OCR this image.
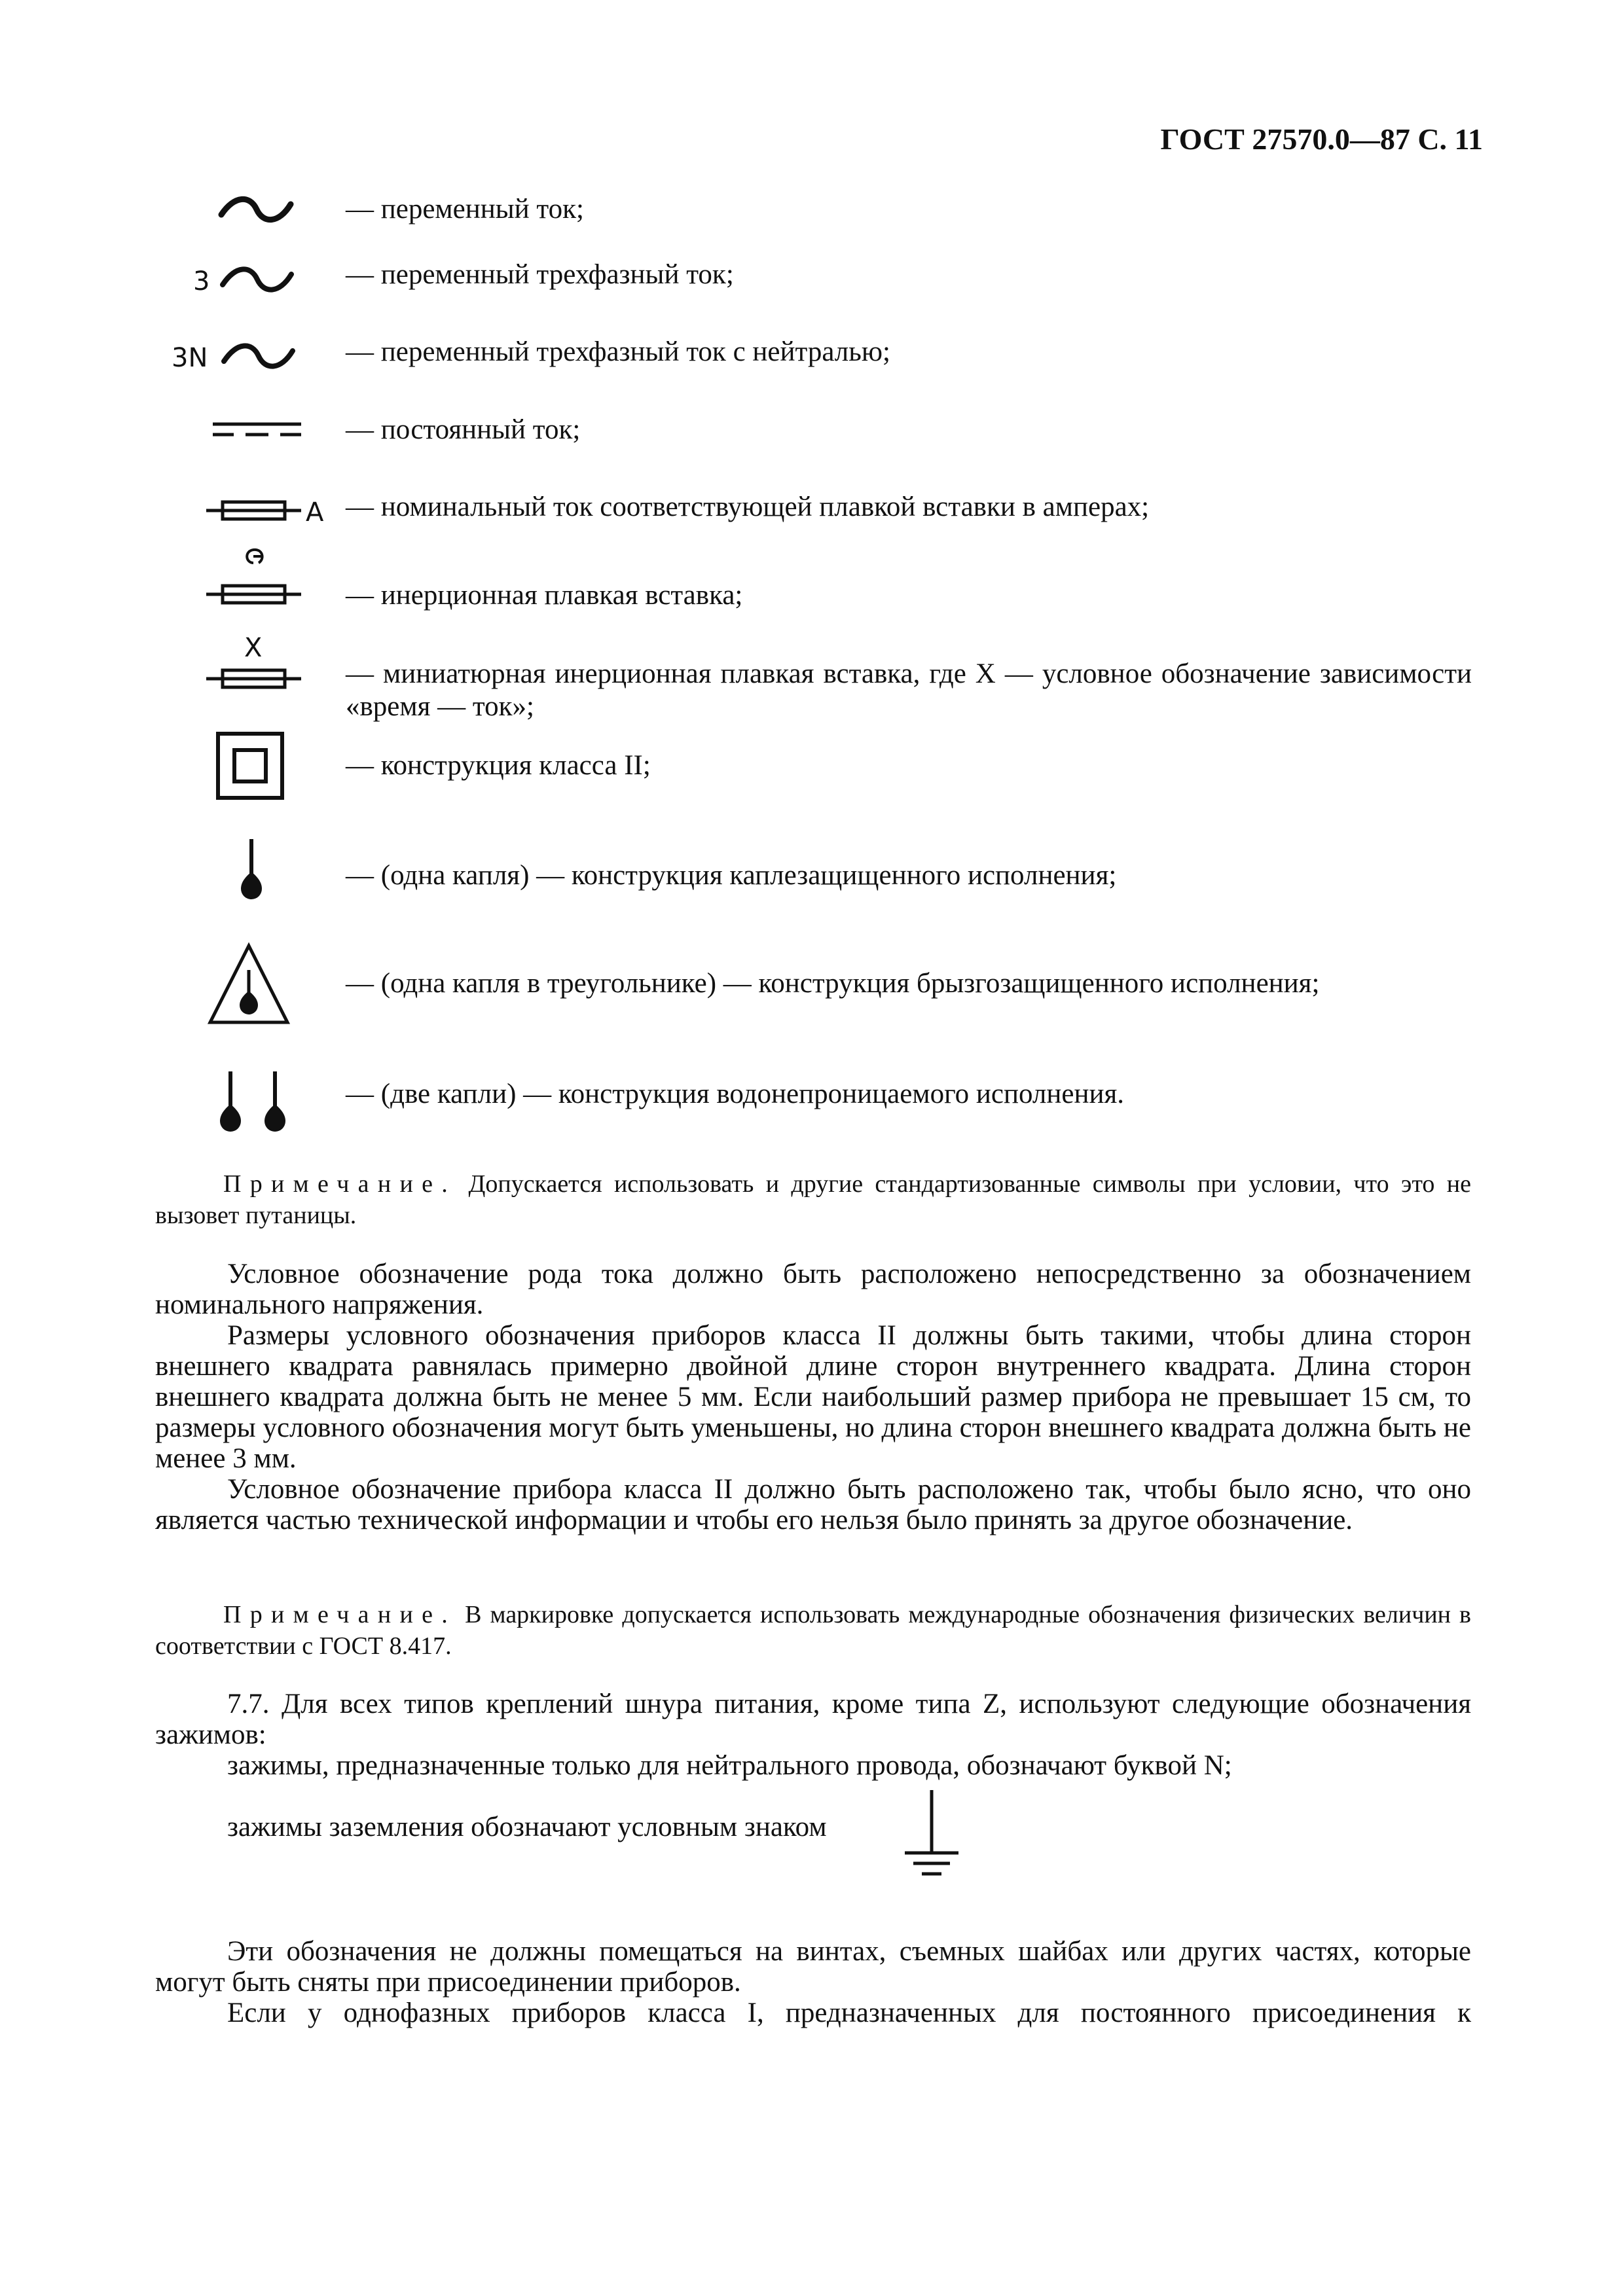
ГОСТ 27570.0—87 С. 11
— переменный ток;
3	— переменный трехфазный ток;
3N	— переменный трехфазный ток с нейтралью;
— постоянный ток;
A — номинальный ток соответствующей плавкой вставки в амперах;
— инерционная плавкая вставка;
X
— миниатюрная инерционная плавкая вставка, где X — условное обозначение зависимости «время — ток»;
— конструкция класса II;
— (одна капля) — конструкция каплезащищенного исполнения;
— (одна капля в треугольнике) — конструкция брызгозащищенного исполнения;
— (две капли) — конструкция водонепроницаемого исполнения.
Примечание. Допускается использовать и другие стандартизованные символы при условии, что это не вызовет путаницы.
Условное обозначение рода тока должно быть расположено непосредственно за обозначением номинального напряжения.
Размеры условного обозначения приборов класса II должны быть такими, чтобы длина сторон внешнего квадрата равнялась примерно двойной длине сторон внутреннего квадрата. Длина сторон внешнего квадрата должна быть не менее 5 мм. Если наибольший размер прибора не превышает 15 см, то размеры условного обозначения могут быть уменьшены, но длина сторон внешнего квадрата должна быть не менее 3 мм.
Условное обозначение прибора класса II должно быть расположено так, чтобы было ясно, что оно является частью технической информации и чтобы его нельзя было принять за другое обозначение.
Примечание. В маркировке допускается использовать международные обозначения физических величин в соответствии с ГОСТ 8.417.
7.7. Для всех типов креплений шнура питания, кроме типа Z, используют следующие обозначения зажимов:
зажимы, предназначенные только для нейтрального провода, обозначают буквой N;
зажимы заземления обозначают условным знаком
Эти обозначения не должны помещаться на винтах, съемных шайбах или других частях, которые могут быть сняты при присоединении приборов.
Если у однофазных приборов класса I, предназначенных для постоянного присоединения к
